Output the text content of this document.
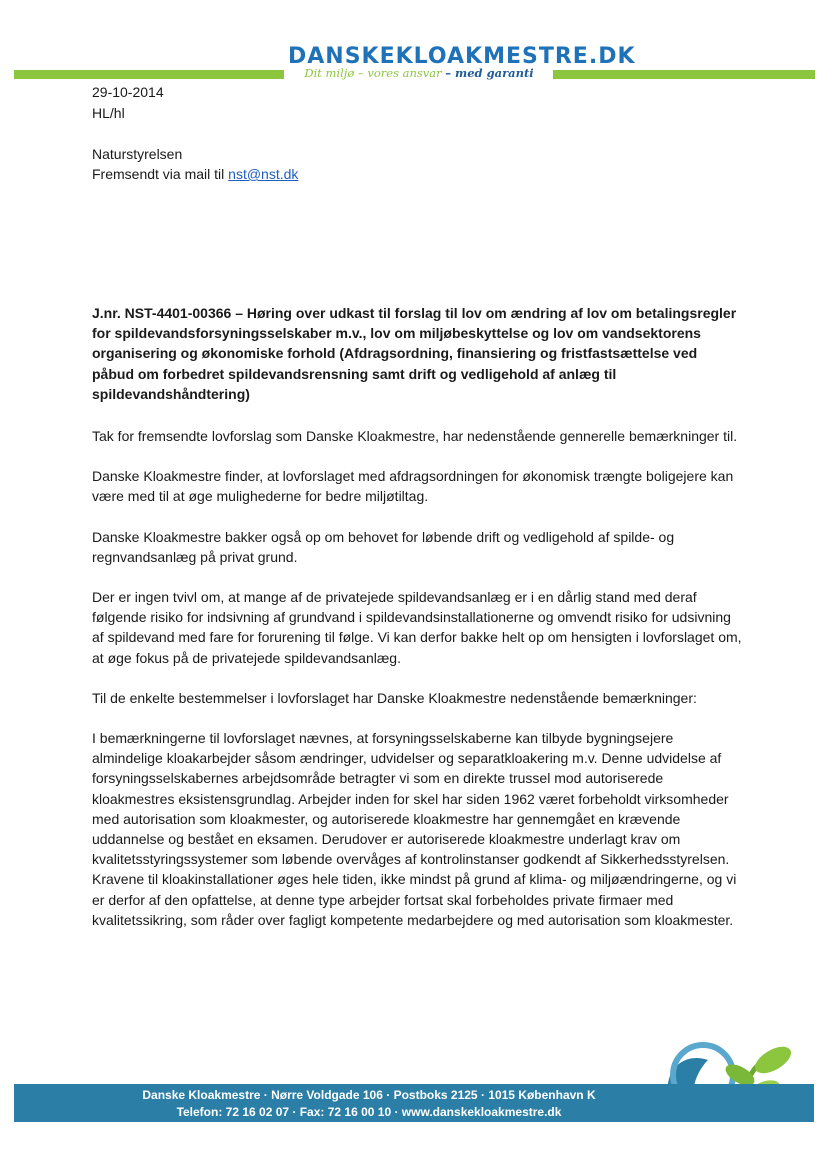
DANSKEKLOAKMESTRE.DK
Dit miljø – vores ansvar – med garanti
29-10-2014
HL/hl
Naturstyrelsen
Fremsendt via mail til nst@nst.dk

J.nr. NST-4401-00366 – Høring over udkast til forslag til lov om ændring af lov om betalingsregler for spildevandsforsyningsselskaber m.v., lov om miljøbeskyttelse og lov om vandsektorens organisering og økonomiske forhold (Afdragsordning, finansiering og fristfastsættelse ved påbud om forbedret spildevandsrensning samt drift og vedligehold af anlæg til spildevandshåndtering)

Tak for fremsendte lovforslag som Danske Kloakmestre, har nedenstående gennerelle bemærkninger til.

Danske Kloakmestre finder, at lovforslaget med afdragsordningen for økonomisk trængte boligejere kan være med til at øge mulighederne for bedre miljøtiltag.

Danske Kloakmestre bakker også op om behovet for løbende drift og vedligehold af spilde- og regnvandsanlæg på privat grund.

Der er ingen tvivl om, at mange af de privatejede spildevandsanlæg er i en dårlig stand med deraf følgende risiko for indsivning af grundvand i spildevandsinstallationerne og omvendt risiko for udsivning af spildevand med fare for forurening til følge. Vi kan derfor bakke helt op om hensigten i lovforslaget om, at øge fokus på de privatejede spildevandsanlæg.

Til de enkelte bestemmelser i lovforslaget har Danske Kloakmestre nedenstående bemærkninger:

I bemærkningerne til lovforslaget nævnes, at forsyningsselskaberne kan tilbyde bygningsejere almindelige kloakarbejder såsom ændringer, udvidelser og separatkloakering m.v. Denne udvidelse af forsyningsselskabernes arbejdsområde betragter vi som en direkte trussel mod autoriserede kloakmestres eksistensgrundlag. Arbejder inden for skel har siden 1962 været forbeholdt virksomheder med autorisation som kloakmester, og autoriserede kloakmestre har gennemgået en krævende uddannelse og bestået en eksamen. Derudover er autoriserede kloakmestre underlagt krav om kvalitetsstyringssystemer som løbende overvåges af kontrolinstanser godkendt af Sikkerhedsstyrelsen. Kravene til kloakinstallationer øges hele tiden, ikke mindst på grund af klima- og miljøændringerne, og vi er derfor af den opfattelse, at denne type arbejder fortsat skal forbeholdes private firmaer med kvalitetssikring, som råder over fagligt kompetente medarbejdere og med autorisation som kloakmester.

Danske Kloakmestre · Nørre Voldgade 106 · Postboks 2125 · 1015 København K
Telefon: 72 16 02 07 · Fax: 72 16 00 10 · www.danskekloakmestre.dk
